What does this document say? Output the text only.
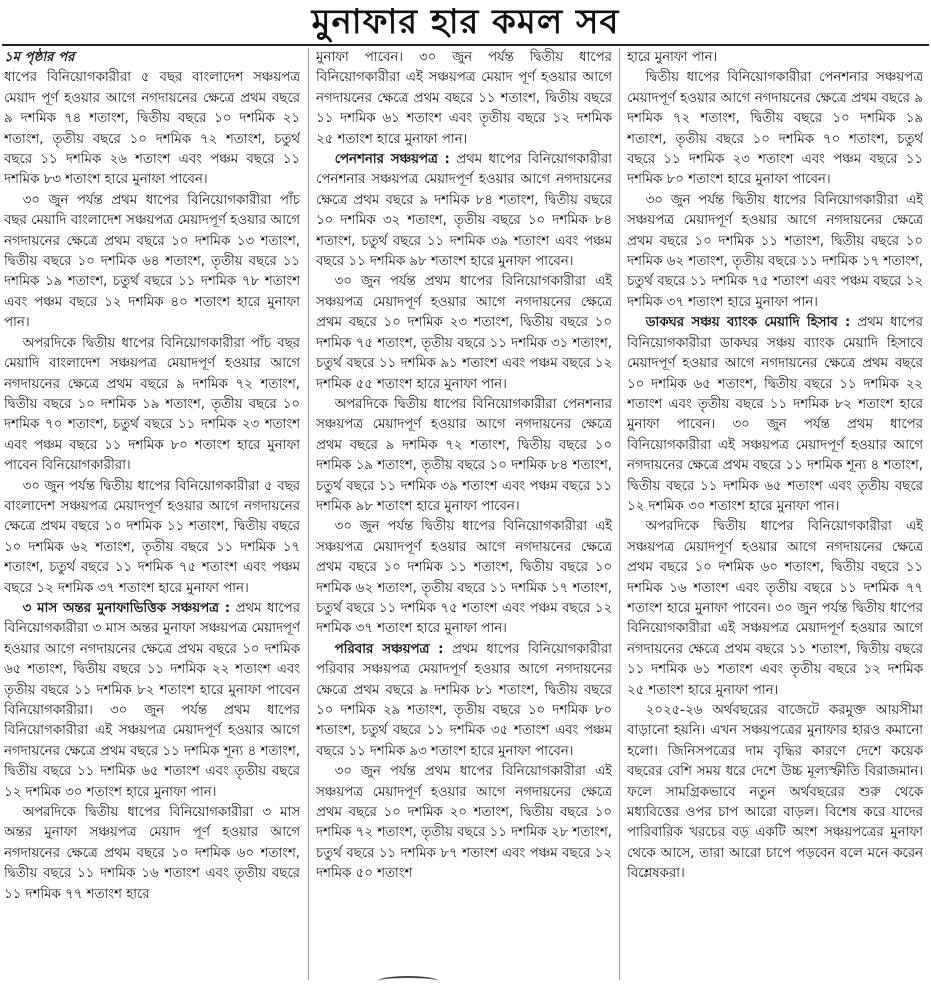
মুনাফার হার কমল সব

১ম পৃষ্ঠার পর
ধাপের বিনিয়োগকারীরা ৫ বছর বাংলাদেশ সঞ্চয়পত্র মেয়াদ পূর্ণ হওয়ার আগে নগদায়নের ক্ষেত্রে প্রথম বছরে ৯ দশমিক ৭৪ শতাংশ, দ্বিতীয় বছরে ১০ দশমিক ২১ শতাংশ, তৃতীয় বছরে ১০ দশমিক ৭২ শতাংশ, চতুর্থ বছরে ১১ দশমিক ২৬ শতাংশ এবং পঞ্চম বছরে ১১ দশমিক ৮৩ শতাংশ হারে মুনাফা পাবেন।

৩০ জুন পর্যন্ত প্রথম ধাপের বিনিয়োগকারীরা পাঁচ বছর মেয়াদি বাংলাদেশ সঞ্চয়পত্র মেয়াদপূর্ণ হওয়ার আগে নগদায়নের ক্ষেত্রে প্রথম বছরে ১০ দশমিক ১৩ শতাংশ, দ্বিতীয় বছরে ১০ দশমিক ৬৪ শতাংশ, তৃতীয় বছরে ১১ দশমিক ১৯ শতাংশ, চতুর্থ বছরে ১১ দশমিক ৭৮ শতাংশ এবং পঞ্চম বছরে ১২ দশমিক ৪০ শতাংশ হারে মুনাফা পান।

অপরদিকে দ্বিতীয় ধাপের বিনিয়োগকারীরা পাঁচ বছর মেয়াদি বাংলাদেশ সঞ্চয়পত্র মেয়াদপূর্ণ হওয়ার আগে নগদায়নের ক্ষেত্রে প্রথম বছরে ৯ দশমিক ৭২ শতাংশ, দ্বিতীয় বছরে ১০ দশমিক ১৯ শতাংশ, তৃতীয় বছরে ১০ দশমিক ৭০ শতাংশ, চতুর্থ বছরে ১১ দশমিক ২৩ শতাংশ এবং পঞ্চম বছরে ১১ দশমিক ৮০ শতাংশ হারে মুনাফা পাবেন বিনিয়োগকারীরা।

৩০ জুন পর্যন্ত দ্বিতীয় ধাপের বিনিয়োগকারীরা ৫ বছর বাংলাদেশ সঞ্চয়পত্র মেয়াদপূর্ণ হওয়ার আগে নগদায়নের ক্ষেত্রে প্রথম বছরে ১০ দশমিক ১১ শতাংশ, দ্বিতীয় বছরে ১০ দশমিক ৬২ শতাংশ, তৃতীয় বছরে ১১ দশমিক ১৭ শতাংশ, চতুর্থ বছরে ১১ দশমিক ৭৫ শতাংশ এবং পঞ্চম বছরে ১২ দশমিক ৩৭ শতাংশ হারে মুনাফা পান।

৩ মাস অন্তর মুনাফাভিত্তিক সঞ্চয়পত্র : প্রথম ধাপের বিনিয়োগকারীরা ৩ মাস অন্তর মুনাফা সঞ্চয়পত্র মেয়াদপূর্ণ হওয়ার আগে নগদায়নের ক্ষেত্রে প্রথম বছরে ১০ দশমিক ৬৫ শতাংশ, দ্বিতীয় বছরে ১১ দশমিক ২২ শতাংশ এবং তৃতীয় বছরে ১১ দশমিক ৮২ শতাংশ হারে মুনাফা পাবেন বিনিয়োগকারীরা। ৩০ জুন পর্যন্ত প্রথম ধাপের বিনিয়োগকারীরা এই সঞ্চয়পত্র মেয়াদপূর্ণ হওয়ার আগে নগদায়নের ক্ষেত্রে প্রথম বছরে ১১ দশমিক শূন্য ৪ শতাংশ, দ্বিতীয় বছরে ১১ দশমিক ৬৫ শতাংশ এবং তৃতীয় বছরে ১২ দশমিক ৩০ শতাংশ হারে মুনাফা পান।

অপরদিকে দ্বিতীয় ধাপের বিনিয়োগকারীরা ৩ মাস অন্তর মুনাফা সঞ্চয়পত্র মেয়াদ পূর্ণ হওয়ার আগে নগদায়নের ক্ষেত্রে প্রথম বছরে ১০ দশমিক ৬০ শতাংশ, দ্বিতীয় বছরে ১১ দশমিক ১৬ শতাংশ এবং তৃতীয় বছরে ১১ দশমিক ৭৭ শতাংশ হারে

মুনাফা পাবেন। ৩০ জুন পর্যন্ত দ্বিতীয় ধাপের বিনিয়োগকারীরা এই সঞ্চয়পত্র মেয়াদ পূর্ণ হওয়ার আগে নগদায়নের ক্ষেত্রে প্রথম বছরে ১১ শতাংশ, দ্বিতীয় বছরে ১১ দশমিক ৬১ শতাংশ এবং তৃতীয় বছরে ১২ দশমিক ২৫ শতাংশ হারে মুনাফা পান।

পেনশনার সঞ্চয়পত্র : প্রথম ধাপের বিনিয়োগকারীরা পেনশনার সঞ্চয়পত্র মেয়াদপূর্ণ হওয়ার আগে নগদায়নের ক্ষেত্রে প্রথম বছরে ৯ দশমিক ৮৪ শতাংশ, দ্বিতীয় বছরে ১০ দশমিক ৩২ শতাংশ, তৃতীয় বছরে ১০ দশমিক ৮৪ শতাংশ, চতুর্থ বছরে ১১ দশমিক ৩৯ শতাংশ এবং পঞ্চম বছরে ১১ দশমিক ৯৮ শতাংশ হারে মুনাফা পাবেন।

৩০ জুন পর্যন্ত প্রথম ধাপের বিনিয়োগকারীরা এই সঞ্চয়পত্র মেয়াদপূর্ণ হওয়ার আগে নগদায়নের ক্ষেত্রে প্রথম বছরে ১০ দশমিক ২৩ শতাংশ, দ্বিতীয় বছরে ১০ দশমিক ৭৫ শতাংশ, তৃতীয় বছরে ১১ দশমিক ৩১ শতাংশ, চতুর্থ বছরে ১১ দশমিক ৯১ শতাংশ এবং পঞ্চম বছরে ১২ দশমিক ৫৫ শতাংশ হারে মুনাফা পান।

অপরদিকে দ্বিতীয় ধাপের বিনিয়োগকারীরা পেনশনার সঞ্চয়পত্র মেয়াদপূর্ণ হওয়ার আগে নগদায়নের ক্ষেত্রে প্রথম বছরে ৯ দশমিক ৭২ শতাংশ, দ্বিতীয় বছরে ১০ দশমিক ১৯ শতাংশ, তৃতীয় বছরে ১০ দশমিক ৮৪ শতাংশ, চতুর্থ বছরে ১১ দশমিক ৩৯ শতাংশ এবং পঞ্চম বছরে ১১ দশমিক ৯৮ শতাংশ হারে মুনাফা পাবেন।

৩০ জুন পর্যন্ত দ্বিতীয় ধাপের বিনিয়োগকারীরা এই সঞ্চয়পত্র মেয়াদপূর্ণ হওয়ার আগে নগদায়নের ক্ষেত্রে প্রথম বছরে ১০ দশমিক ১১ শতাংশ, দ্বিতীয় বছরে ১০ দশমিক ৬২ শতাংশ, তৃতীয় বছরে ১১ দশমিক ১৭ শতাংশ, চতুর্থ বছরে ১১ দশমিক ৭৫ শতাংশ এবং পঞ্চম বছরে ১২ দশমিক ৩৭ শতাংশ হারে মুনাফা পান।

পরিবার সঞ্চয়পত্র : প্রথম ধাপের বিনিয়োগকারীরা পরিবার সঞ্চয়পত্র মেয়াদপূর্ণ হওয়ার আগে নগদায়নের ক্ষেত্রে প্রথম বছরে ৯ দশমিক ৮১ শতাংশ, দ্বিতীয় বছরে ১০ দশমিক ২৯ শতাংশ, তৃতীয় বছরে ১০ দশমিক ৮০ শতাংশ, চতুর্থ বছরে ১১ দশমিক ৩৫ শতাংশ এবং পঞ্চম বছরে ১১ দশমিক ৯৩ শতাংশ হারে মুনাফা পাবেন।

৩০ জুন পর্যন্ত প্রথম ধাপের বিনিয়োগকারীরা এই সঞ্চয়পত্র মেয়াদপূর্ণ হওয়ার আগে নগদায়নের ক্ষেত্রে প্রথম বছরে ১০ দশমিক ২০ শতাংশ, দ্বিতীয় বছরে ১০ দশমিক ৭২ শতাংশ, তৃতীয় বছরে ১১ দশমিক ২৮ শতাংশ, চতুর্থ বছরে ১১ দশমিক ৮৭ শতাংশ এবং পঞ্চম বছরে ১২ দশমিক ৫০ শতাংশ

হারে মুনাফা পান।

দ্বিতীয় ধাপের বিনিয়োগকারীরা পেনশনার সঞ্চয়পত্র মেয়াদপূর্ণ হওয়ার আগে নগদায়নের ক্ষেত্রে প্রথম বছরে ৯ দশমিক ৭২ শতাংশ, দ্বিতীয় বছরে ১০ দশমিক ১৯ শতাংশ, তৃতীয় বছরে ১০ দশমিক ৭০ শতাংশ, চতুর্থ বছরে ১১ দশমিক ২৩ শতাংশ এবং পঞ্চম বছরে ১১ দশমিক ৮০ শতাংশ হারে মুনাফা পাবেন।

৩০ জুন পর্যন্ত দ্বিতীয় ধাপের বিনিয়োগকারীরা এই সঞ্চয়পত্র মেয়াদপূর্ণ হওয়ার আগে নগদায়নের ক্ষেত্রে প্রথম বছরে ১০ দশমিক ১১ শতাংশ, দ্বিতীয় বছরে ১০ দশমিক ৬২ শতাংশ, তৃতীয় বছরে ১১ দশমিক ১৭ শতাংশ, চতুর্থ বছরে ১১ দশমিক ৭৫ শতাংশ এবং পঞ্চম বছরে ১২ দশমিক ৩৭ শতাংশ হারে মুনাফা পান।

ডাকঘর সঞ্চয় ব্যাংক মেয়াদি হিসাব : প্রথম ধাপের বিনিয়োগকারীরা ডাকঘর সঞ্চয় ব্যাংক মেয়াদি হিসাবে মেয়াদপূর্ণ হওয়ার আগে নগদায়নের ক্ষেত্রে প্রথম বছরে ১০ দশমিক ৬৫ শতাংশ, দ্বিতীয় বছরে ১১ দশমিক ২২ শতাংশ এবং তৃতীয় বছরে ১১ দশমিক ৮২ শতাংশ হারে মুনাফা পাবেন। ৩০ জুন পর্যন্ত প্রথম ধাপের বিনিয়োগকারীরা এই সঞ্চয়পত্র মেয়াদপূর্ণ হওয়ার আগে নগদায়নের ক্ষেত্রে প্রথম বছরে ১১ দশমিক শূন্য ৪ শতাংশ, দ্বিতীয় বছরে ১১ দশমিক ৬৫ শতাংশ এবং তৃতীয় বছরে ১২ দশমিক ৩০ শতাংশ হারে মুনাফা পান।

অপরদিকে দ্বিতীয় ধাপের বিনিয়োগকারীরা এই সঞ্চয়পত্র মেয়াদপূর্ণ হওয়ার আগে নগদায়নের ক্ষেত্রে প্রথম বছরে ১০ দশমিক ৬০ শতাংশ, দ্বিতীয় বছরে ১১ দশমিক ১৬ শতাংশ এবং তৃতীয় বছরে ১১ দশমিক ৭৭ শতাংশ হারে মুনাফা পাবেন। ৩০ জুন পর্যন্ত দ্বিতীয় ধাপের বিনিয়োগকারীরা এই সঞ্চয়পত্র মেয়াদপূর্ণ হওয়ার আগে নগদায়নের ক্ষেত্রে প্রথম বছরে ১১ শতাংশ, দ্বিতীয় বছরে ১১ দশমিক ৬১ শতাংশ এবং তৃতীয় বছরে ১২ দশমিক ২৫ শতাংশ হারে মুনাফা পান।

২০২৫-২৬ অর্থবছরের বাজেটে করমুক্ত আয়সীমা বাড়ানো হয়নি। এখন সঞ্চয়পত্রের মুনাফার হারও কমানো হলো। জিনিসপত্রের দাম বৃদ্ধির কারণে দেশে কয়েক বছরের বেশি সময় ধরে দেশে উচ্চ মূল্যস্ফীতি বিরাজমান। ফলে সামগ্রিকভাবে নতুন অর্থবছরের শুরু থেকে মধ্যবিত্তের ওপর চাপ আরো বাড়ল। বিশেষ করে যাদের পারিবারিক খরচের বড় একটি অংশ সঞ্চয়পত্রের মুনাফা থেকে আসে, তারা আরো চাপে পড়বেন বলে মনে করেন বিশ্লেষকরা।
